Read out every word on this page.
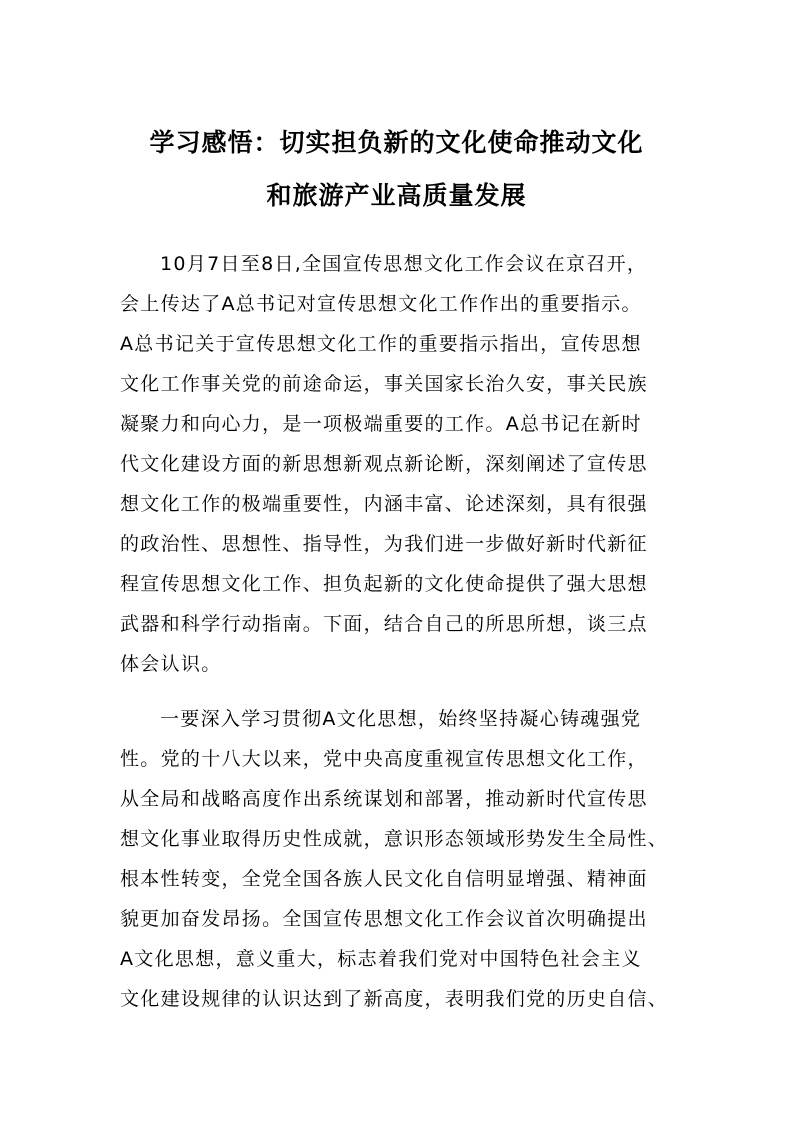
学习感悟：切实担负新的文化使命推动文化
和旅游产业高质量发展
10月7日至8日,全国宣传思想文化工作会议在京召开，
会上传达了A总书记对宣传思想文化工作作出的重要指示。
A总书记关于宣传思想文化工作的重要指示指出，宣传思想
文化工作事关党的前途命运，事关国家长治久安，事关民族
凝聚力和向心力，是一项极端重要的工作。A总书记在新时
代文化建设方面的新思想新观点新论断，深刻阐述了宣传思
想文化工作的极端重要性，内涵丰富、论述深刻，具有很强
的政治性、思想性、指导性，为我们进一步做好新时代新征
程宣传思想文化工作、担负起新的文化使命提供了强大思想
武器和科学行动指南。下面，结合自己的所思所想，谈三点
体会认识。
一要深入学习贯彻A文化思想，始终坚持凝心铸魂强党
性。党的十八大以来，党中央高度重视宣传思想文化工作，
从全局和战略高度作出系统谋划和部署，推动新时代宣传思
想文化事业取得历史性成就，意识形态领域形势发生全局性、
根本性转变，全党全国各族人民文化自信明显增强、精神面
貌更加奋发昂扬。全国宣传思想文化工作会议首次明确提出
A文化思想，意义重大，标志着我们党对中国特色社会主义
文化建设规律的认识达到了新高度，表明我们党的历史自信、
